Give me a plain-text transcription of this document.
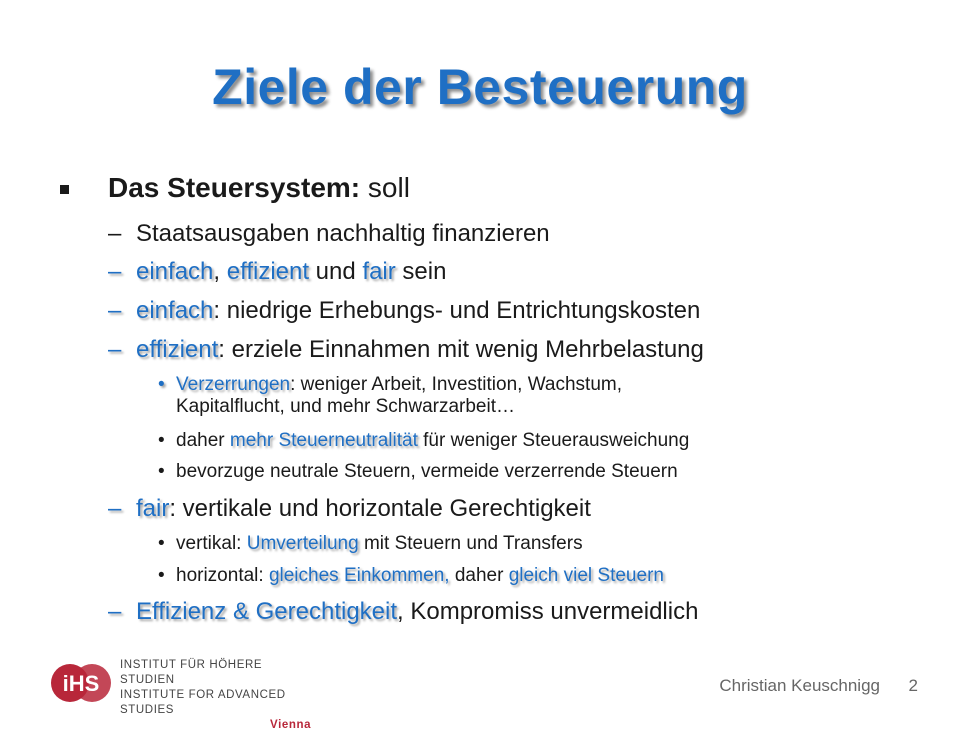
Ziele der Besteuerung
Das Steuersystem: soll
– Staatsausgaben nachhaltig finanzieren
– einfach, effizient und fair sein
– einfach: niedrige Erhebungs- und Entrichtungskosten
– effizient: erziele Einnahmen mit wenig Mehrbelastung
• Verzerrungen: weniger Arbeit, Investition, Wachstum,
Kapitalflucht, und mehr Schwarzarbeit…
• daher mehr Steuerneutralität für weniger Steuerausweichung
• bevorzuge neutrale Steuern, vermeide verzerrende Steuern
– fair: vertikale und horizontale Gerechtigkeit
• vertikal: Umverteilung mit Steuern und Transfers
• horizontal: gleiches Einkommen, daher gleich viel Steuern
– Effizienz & Gerechtigkeit, Kompromiss unvermeidlich
iHS
INSTITUT FÜR HÖHERE STUDIEN
INSTITUTE FOR ADVANCED STUDIES
Vienna
Christian Keuschnigg 2
